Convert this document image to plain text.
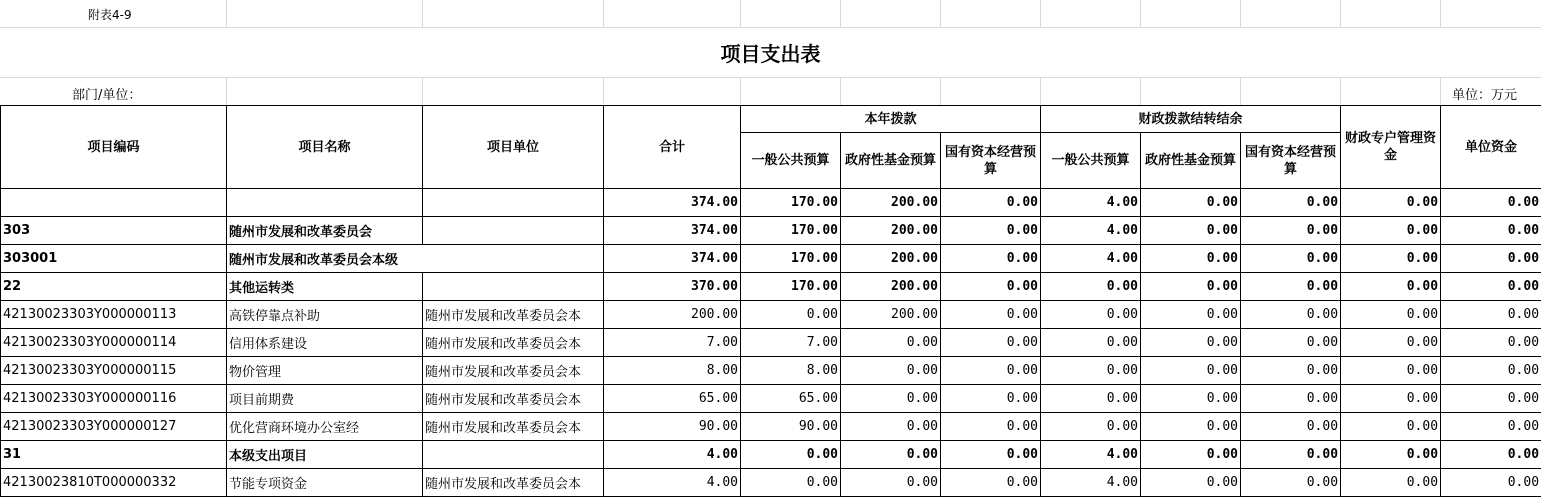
附表4-9
项目支出表
部门/单位：	单位：万元
项目编码	项目名称	项目单位	合计	本年拨款			财政拨款结转结余			财政专户管理资金	单位资金
				一般公共预算	政府性基金预算	国有资本经营预算	一般公共预算	政府性基金预算	国有资本经营预算		
			374.00	170.00	200.00	0.00	4.00	0.00	0.00	0.00	0.00
303	随州市发展和改革委员会		374.00	170.00	200.00	0.00	4.00	0.00	0.00	0.00	0.00
303001	随州市发展和改革委员会本级		374.00	170.00	200.00	0.00	4.00	0.00	0.00	0.00	0.00
22	其他运转类		370.00	170.00	200.00	0.00	0.00	0.00	0.00	0.00	0.00
42130023303Y000000113	高铁停靠点补助	随州市发展和改革委员会本	200.00	0.00	200.00	0.00	0.00	0.00	0.00	0.00	0.00
42130023303Y000000114	信用体系建设	随州市发展和改革委员会本	7.00	7.00	0.00	0.00	0.00	0.00	0.00	0.00	0.00
42130023303Y000000115	物价管理	随州市发展和改革委员会本	8.00	8.00	0.00	0.00	0.00	0.00	0.00	0.00	0.00
42130023303Y000000116	项目前期费	随州市发展和改革委员会本	65.00	65.00	0.00	0.00	0.00	0.00	0.00	0.00	0.00
42130023303Y000000127	优化营商环境办公室经	随州市发展和改革委员会本	90.00	90.00	0.00	0.00	0.00	0.00	0.00	0.00	0.00
31	本级支出项目		4.00	0.00	0.00	0.00	4.00	0.00	0.00	0.00	0.00
42130023810T000000332	节能专项资金	随州市发展和改革委员会本	4.00	0.00	0.00	0.00	4.00	0.00	0.00	0.00	0.00
